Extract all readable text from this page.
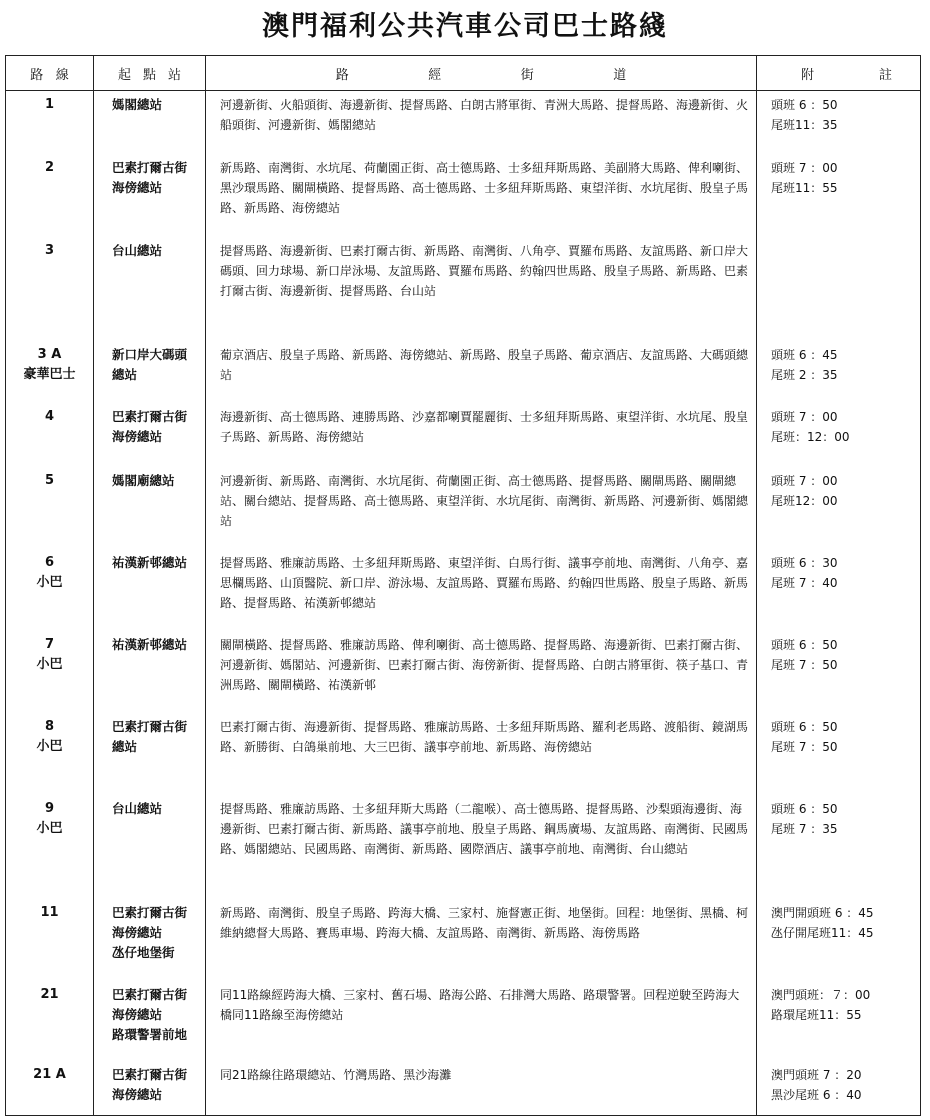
澳門福利公共汽車公司巴士路綫
路 線	起 點 站	路 經 街 道	附 註

1	媽閣總站	河邊新街、火船頭街、海邊新街、提督馬路、白朗古將軍街、青洲大馬路、提督馬路、海邊新街、火船頭街、河邊新街、媽閣總站	頭班 6 ：50
尾班11：35

2	巴素打爾古街
海傍總站	新馬路、南灣街、水坑尾、荷蘭園正街、高士德馬路、士多紐拜斯馬路、美副將大馬路、俾利喇街、黑沙環馬路、關閘橫路、提督馬路、高士德馬路、士多紐拜斯馬路、東望洋街、水坑尾街、殷皇子馬路、新馬路、海傍總站	頭班 7 ：00
尾班11：55

3	台山總站	提督馬路、海邊新街、巴素打爾古街、新馬路、南灣街、八角亭、賈羅布馬路、友誼馬路、新口岸大碼頭、回力球場、新口岸泳場、友誼馬路、賈羅布馬路、約翰四世馬路、殷皇子馬路、新馬路、巴素打爾古街、海邊新街、提督馬路、台山站	

3 A
豪華巴士	新口岸大碼頭
總站	葡京酒店、殷皇子馬路、新馬路、海傍總站、新馬路、殷皇子馬路、葡京酒店、友誼馬路、大碼頭總站	頭班 6 ：45
尾班 2 ：35

4	巴素打爾古街
海傍總站	海邊新街、高士德馬路、連勝馬路、沙嘉都喇賈罷麗街、士多紐拜斯馬路、東望洋街、水坑尾、殷皇子馬路、新馬路、海傍總站	頭班 7 ：00
尾班：12：00

5	媽閣廟總站	河邊新街、新馬路、南灣街、水坑尾街、荷蘭園正街、高士德馬路、提督馬路、關閘馬路、關閘總站、關台總站、提督馬路、高士德馬路、東望洋街、水坑尾街、南灣街、新馬路、河邊新街、媽閣總站	頭班 7 ：00
尾班12：00

6
小巴	祐漢新邨總站	提督馬路、雅廉訪馬路、士多紐拜斯馬路、東望洋街、白馬行街、議事亭前地、南灣街、八角亭、嘉思欄馬路、山頂醫院、新口岸、游泳場、友誼馬路、賈羅布馬路、約翰四世馬路、殷皇子馬路、新馬路、提督馬路、祐漢新邨總站	頭班 6 ：30
尾班 7 ：40

7
小巴	祐漢新邨總站	關閘橫路、提督馬路、雅廉訪馬路、俾利喇街、高士德馬路、提督馬路、海邊新街、巴素打爾古街、河邊新街、媽閣站、河邊新街、巴素打爾古街、海傍新街、提督馬路、白朗古將軍街、筷子基口、青洲馬路、關閘橫路、祐漢新邨	頭班 6 ：50
尾班 7 ：50

8
小巴	巴素打爾古街
總站	巴素打爾古街、海邊新街、提督馬路、雅廉訪馬路、士多紐拜斯馬路、羅利老馬路、渡船街、鏡湖馬路、新勝街、白鴿巢前地、大三巴街、議事亭前地、新馬路、海傍總站	頭班 6 ：50
尾班 7 ：50

9
小巴	台山總站	提督馬路、雅廉訪馬路、士多紐拜斯大馬路（二龍喉）、高士德馬路、提督馬路、沙梨頭海邊街、海邊新街、巴素打爾古街、新馬路、議事亭前地、殷皇子馬路、鋼馬廣場、友誼馬路、南灣街、民國馬路、媽閣總站、民國馬路、南灣街、新馬路、國際酒店、議事亭前地、南灣街、台山總站	頭班 6 ：50
尾班 7 ：35

11	巴素打爾古街
海傍總站
氹仔地堡街	新馬路、南灣街、殷皇子馬路、跨海大橋、三家村、施督憲正街、地堡街。回程：地堡街、黑橋、柯維納總督大馬路、賽馬車場、跨海大橋、友誼馬路、南灣街、新馬路、海傍馬路	澳門開頭班 6 ：45
氹仔開尾班11：45

21	巴素打爾古街
海傍總站
路環警署前地	同11路線經跨海大橋、三家村、舊石場、路海公路、石排灣大馬路、路環警署。回程逆駛至跨海大橋同11路線至海傍總站	澳門頭班：７：00
路環尾班11：55

21 A	巴素打爾古街
海傍總站	同21路線往路環總站、竹灣馬路、黑沙海灘	澳門頭班 7 ：20
黑沙尾班 6 ：40
